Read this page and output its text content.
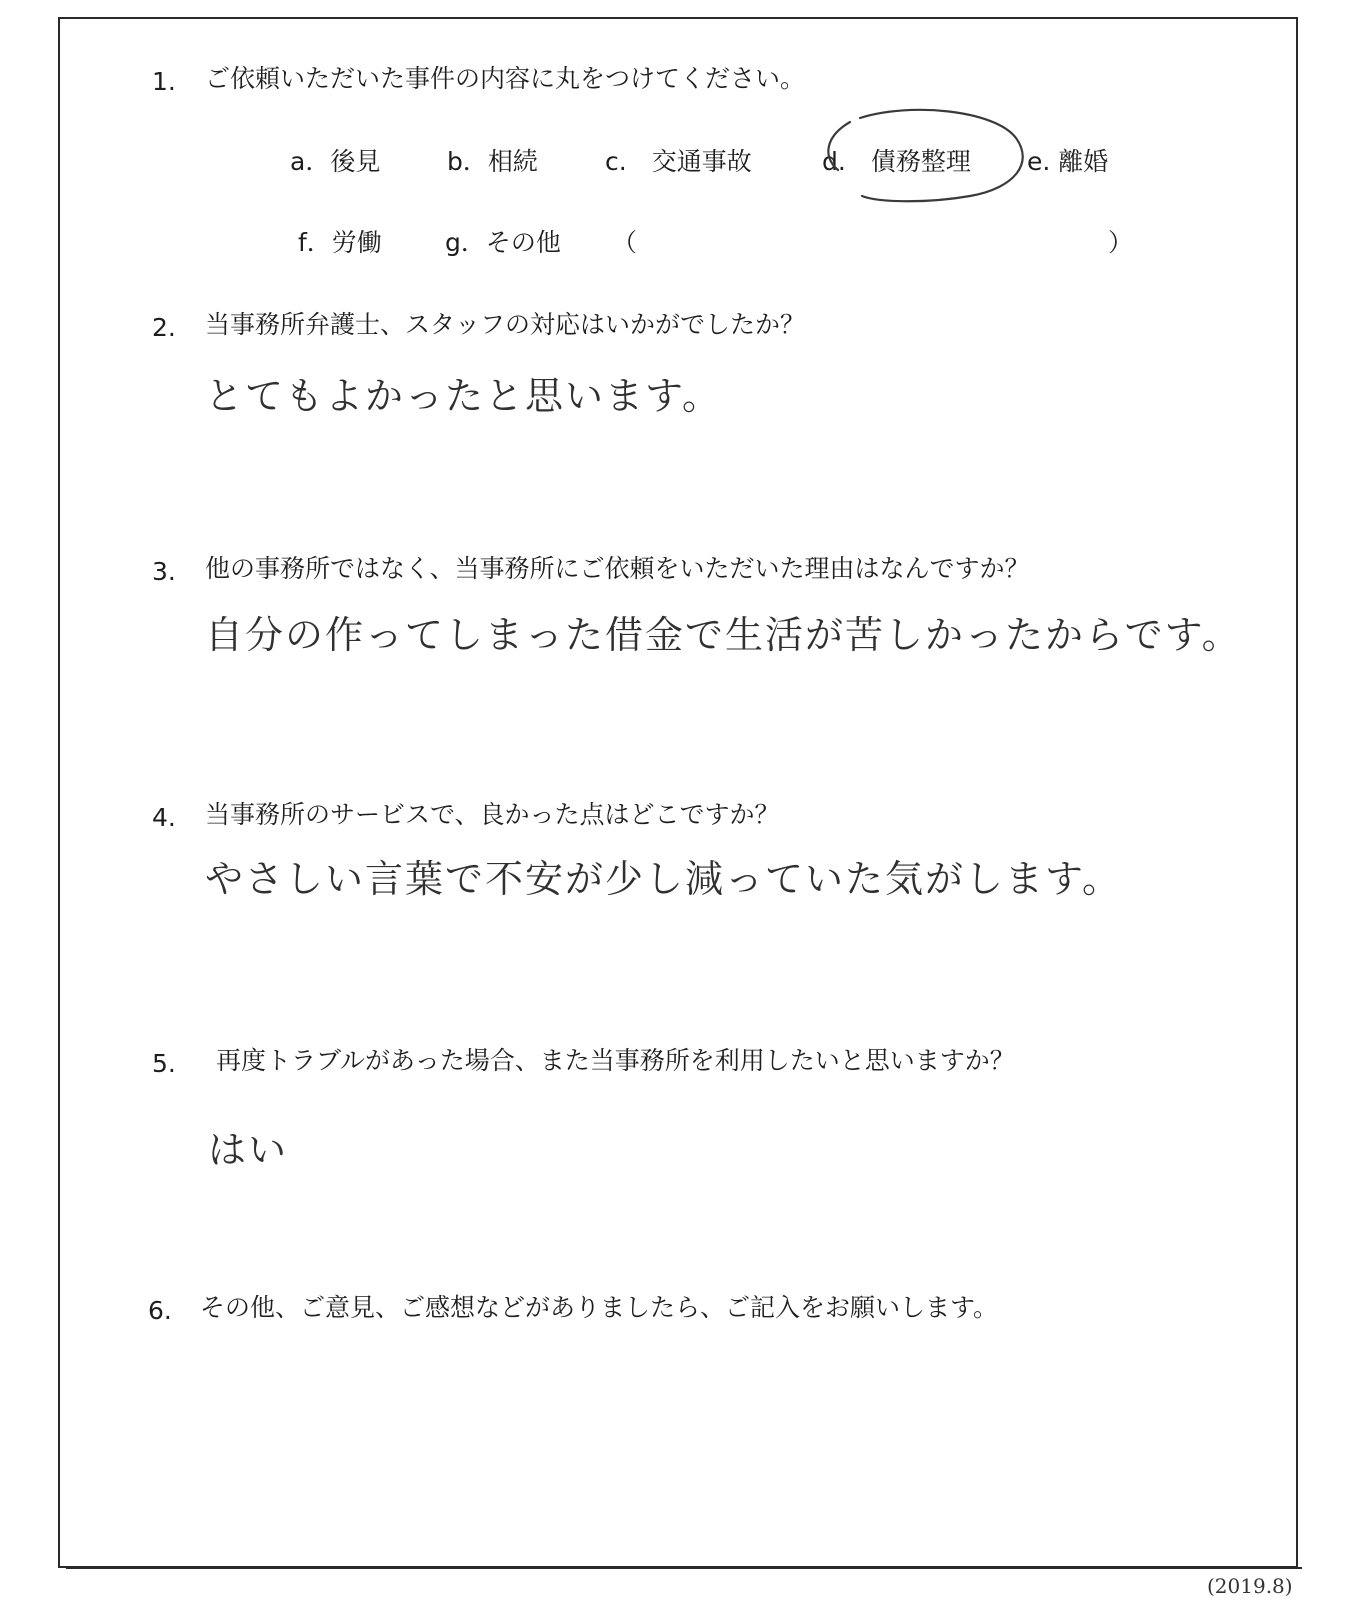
1. ご依頼いただいた事件の内容に丸をつけてください。
a．後見	b．相続	c.　交通事故	d.　債務整理 e. 離婚
f．労働	g．その他 （	）
2. 当事務所弁護士、スタッフの対応はいかがでしたか？
とてもよかったと思います。
3. 他の事務所ではなく、当事務所にご依頼をいただいた理由はなんですか？
自分の作ってしまった借金で生活が苦しかったからです。
4. 当事務所のサービスで、良かった点はどこですか？
やさしい言葉で不安が少し減っていた気がします。
5. 再度トラブルがあった場合、また当事務所を利用したいと思いますか？
はい
6. その他、ご意見、ご感想などがありましたら、ご記入をお願いします。
(2019.8)
